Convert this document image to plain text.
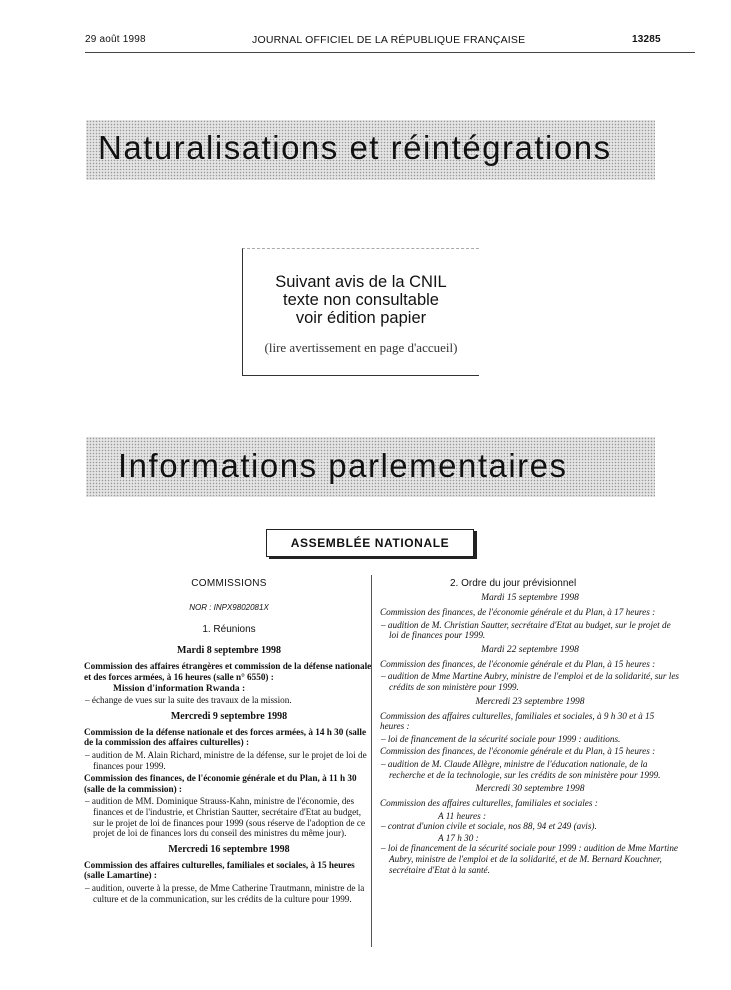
29 août 1998	JOURNAL OFFICIEL DE LA RÉPUBLIQUE FRANÇAISE	13285
Naturalisations et réintégrations
Suivant avis de la CNIL
texte non consultable
voir édition papier
(lire avertissement en page d'accueil)
Informations parlementaires
ASSEMBLÉE NATIONALE
COMMISSIONS
NOR : INPX9802081X
1. Réunions
Mardi 8 septembre 1998
Commission des affaires étrangères et commission de la défense nationale et des forces armées, à 16 heures (salle n° 6550) :
Mission d'information Rwanda :
– échange de vues sur la suite des travaux de la mission.
Mercredi 9 septembre 1998
Commission de la défense nationale et des forces armées, à 14 h 30 (salle de la commission des affaires culturelles) :
– audition de M. Alain Richard, ministre de la défense, sur le projet de loi de finances pour 1999.
Commission des finances, de l'économie générale et du Plan, à 11 h 30 (salle de la commission) :
– audition de MM. Dominique Strauss-Kahn, ministre de l'économie, des finances et de l'industrie, et Christian Sautter, secrétaire d'Etat au budget, sur le projet de loi de finances pour 1999 (sous réserve de l'adoption de ce projet de loi de finances lors du conseil des ministres du même jour).
Mercredi 16 septembre 1998
Commission des affaires culturelles, familiales et sociales, à 15 heures (salle Lamartine) :
– audition, ouverte à la presse, de Mme Catherine Trautmann, ministre de la culture et de la communication, sur les crédits de la culture pour 1999.
2. Ordre du jour prévisionnel
Mardi 15 septembre 1998
Commission des finances, de l'économie générale et du Plan, à 17 heures :
– audition de M. Christian Sautter, secrétaire d'Etat au budget, sur le projet de loi de finances pour 1999.
Mardi 22 septembre 1998
Commission des finances, de l'économie générale et du Plan, à 15 heures :
– audition de Mme Martine Aubry, ministre de l'emploi et de la solidarité, sur les crédits de son ministère pour 1999.
Mercredi 23 septembre 1998
Commission des affaires culturelles, familiales et sociales, à 9 h 30 et à 15 heures :
– loi de financement de la sécurité sociale pour 1999 : auditions.
Commission des finances, de l'économie générale et du Plan, à 15 heures :
– audition de M. Claude Allègre, ministre de l'éducation nationale, de la recherche et de la technologie, sur les crédits de son ministère pour 1999.
Mercredi 30 septembre 1998
Commission des affaires culturelles, familiales et sociales :
A 11 heures :
– contrat d'union civile et sociale, nos 88, 94 et 249 (avis).
A 17 h 30 :
– loi de financement de la sécurité sociale pour 1999 : audition de Mme Martine Aubry, ministre de l'emploi et de la solidarité, et de M. Bernard Kouchner, secrétaire d'Etat à la santé.
